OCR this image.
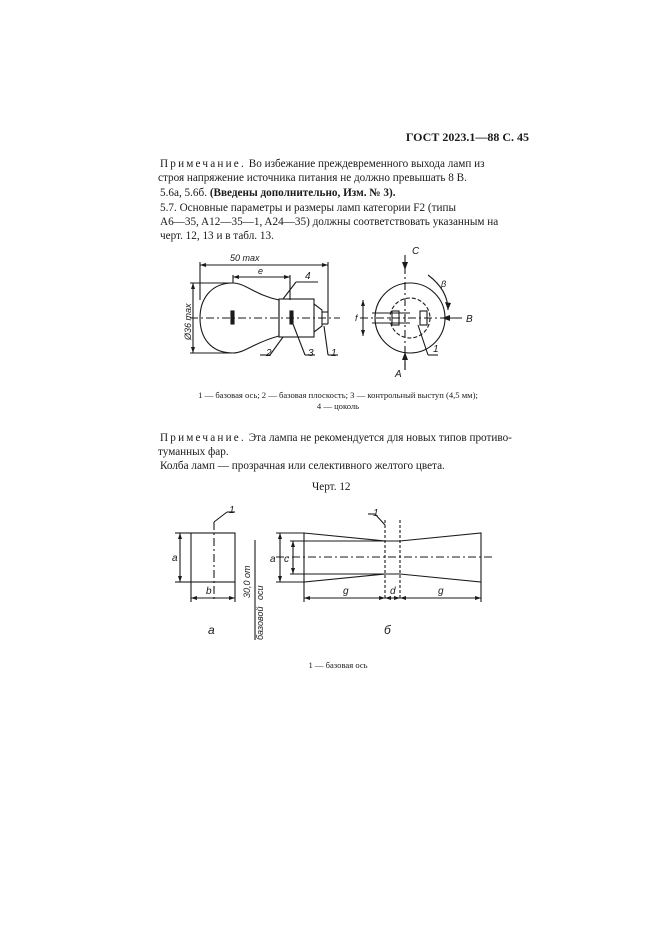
ГОСТ 2023.1—88 С. 45
Примечание. Во избежание преждевременного выхода ламп из
строя напряжение источника питания не должно превышать 8 В.
5.6а, 5.6б. (Введены дополнительно, Изм. № 3).
5.7. Основные параметры и размеры ламп категории F2 (типы
A6—35, A12—35—1, A24—35) должны соответствовать указанным на
черт. 12, 13 и в табл. 13.
50 max
e
Ø36 max
4
2	3 1	1
C
B
A
β
f
1 — базовая ось; 2 — базовая плоскость; 3 — контрольный выступ (4,5 мм);
4 — цоколь
Примечание. Эта лампа не рекомендуется для новых типов противо-
туманных фар.
Колба ламп — прозрачная или селективного желтого цвета.
Черт. 12
1	1
a
b	30,0 от
базовой
оси
a c
g	d	g
а	б
1 — базовая ось
